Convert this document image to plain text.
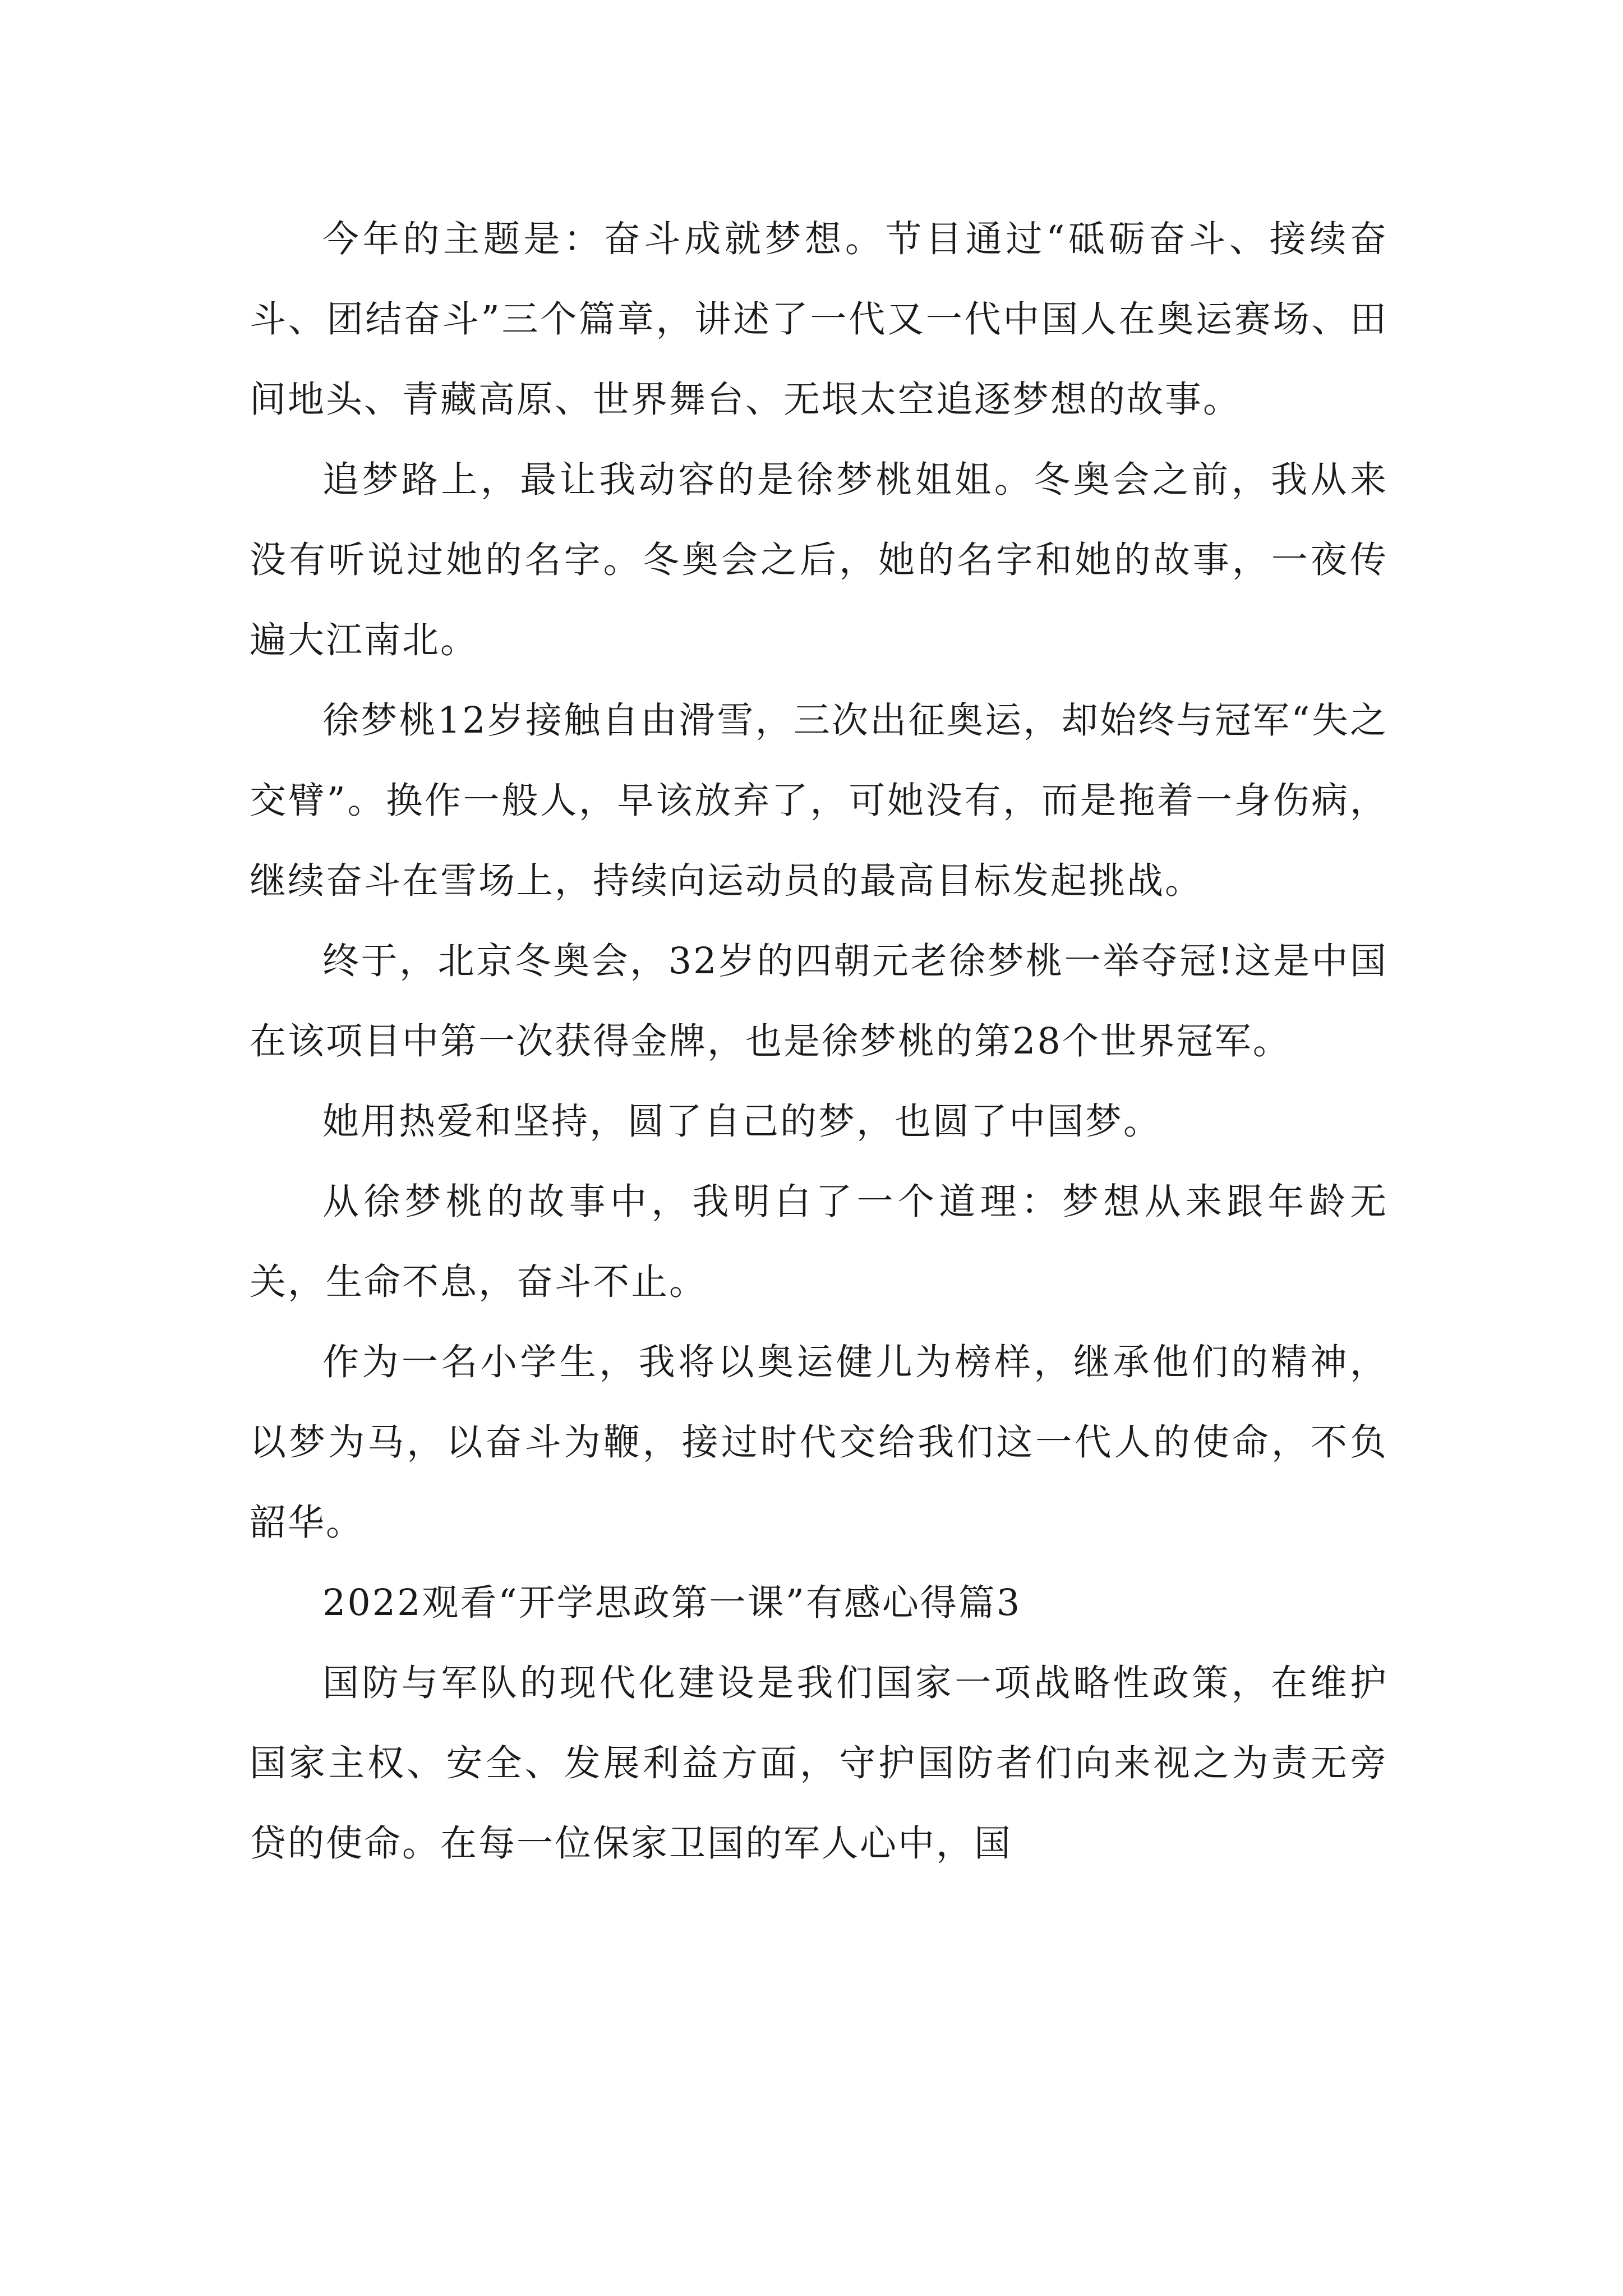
今年的主题是：奋斗成就梦想。节目通过“砥砺奋斗、接续奋斗、团结奋斗”三个篇章，讲述了一代又一代中国人在奥运赛场、田间地头、青藏高原、世界舞台、无垠太空追逐梦想的故事。

追梦路上，最让我动容的是徐梦桃姐姐。冬奥会之前，我从来没有听说过她的名字。冬奥会之后，她的名字和她的故事，一夜传遍大江南北。

徐梦桃12岁接触自由滑雪，三次出征奥运，却始终与冠军“失之交臂”。换作一般人，早该放弃了，可她没有，而是拖着一身伤病，继续奋斗在雪场上，持续向运动员的最高目标发起挑战。

终于，北京冬奥会，32岁的四朝元老徐梦桃一举夺冠!这是中国在该项目中第一次获得金牌，也是徐梦桃的第28个世界冠军。

她用热爱和坚持，圆了自己的梦，也圆了中国梦。

从徐梦桃的故事中，我明白了一个道理：梦想从来跟年龄无关，生命不息，奋斗不止。

作为一名小学生，我将以奥运健儿为榜样，继承他们的精神，以梦为马，以奋斗为鞭，接过时代交给我们这一代人的使命，不负韶华。

2022观看“开学思政第一课”有感心得篇3

国防与军队的现代化建设是我们国家一项战略性政策，在维护国家主权、安全、发展利益方面，守护国防者们向来视之为责无旁贷的使命。在每一位保家卫国的军人心中，国
